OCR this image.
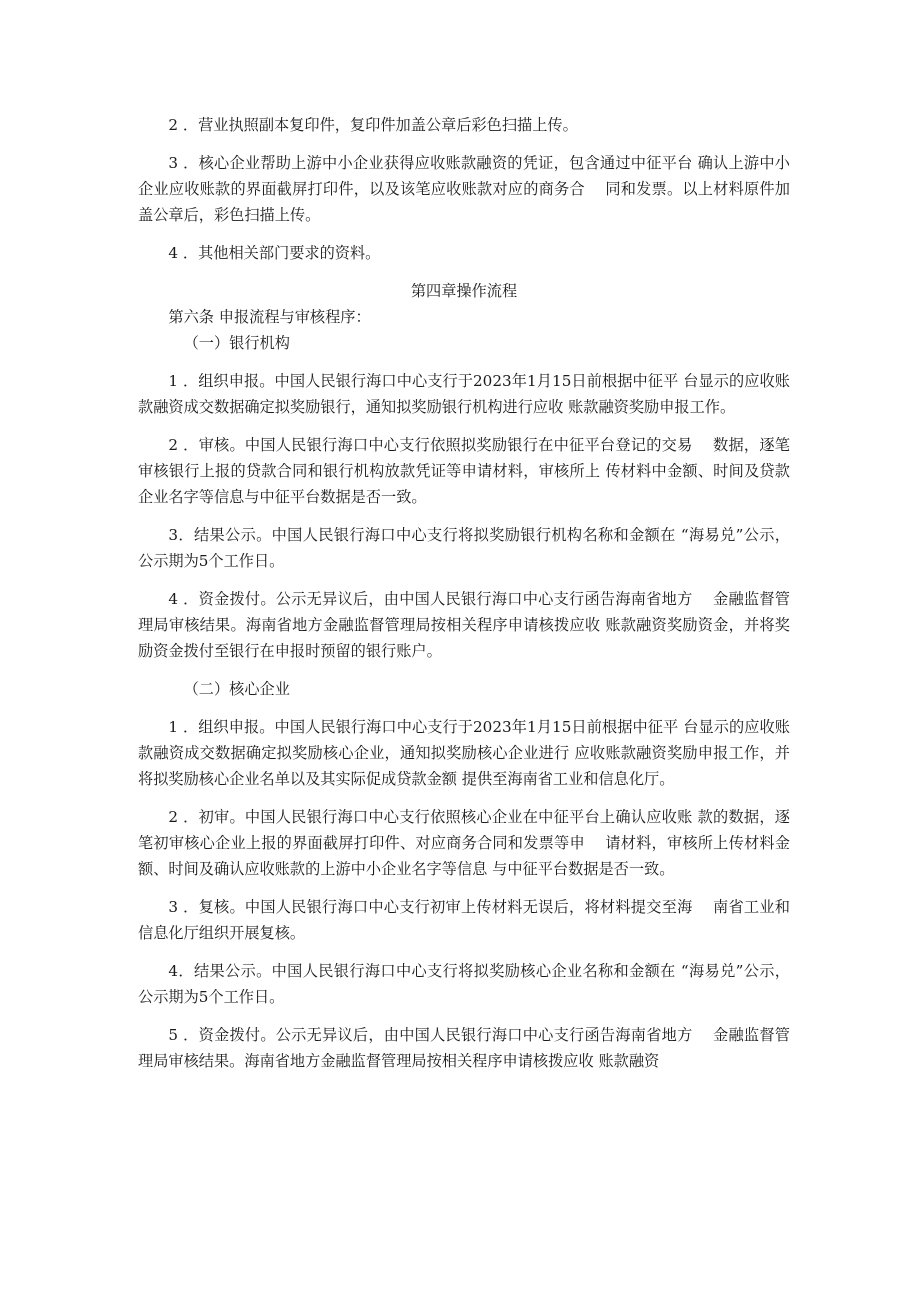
2 ．营业执照副本复印件，复印件加盖公章后彩色扫描上传。

3 ．核心企业帮助上游中小企业获得应收账款融资的凭证，包含通过中征平台 确认上游中小企业应收账款的界面截屏打印件，以及该笔应收账款对应的商务合　 同和发票。以上材料原件加盖公章后，彩色扫描上传。

4 ．其他相关部门要求的资料。

第四章操作流程
第六条 申报流程与审核程序：
（一）银行机构

1 ．组织申报。中国人民银行海口中心支行于2023年1月15日前根据中征平 台显示的应收账款融资成交数据确定拟奖励银行，通知拟奖励银行机构进行应收 账款融资奖励申报工作。

2 ．审核。中国人民银行海口中心支行依照拟奖励银行在中征平台登记的交易　 数据，逐笔审核银行上报的贷款合同和银行机构放款凭证等申请材料，审核所上 传材料中金额、时间及贷款企业名字等信息与中征平台数据是否一致。

3．结果公示。中国人民银行海口中心支行将拟奖励银行机构名称和金额在 “海易兑”公示，公示期为5个工作日。

4 ．资金拨付。公示无异议后，由中国人民银行海口中心支行函告海南省地方　 金融监督管理局审核结果。海南省地方金融监督管理局按相关程序申请核拨应收 账款融资奖励资金，并将奖励资金拨付至银行在申报时预留的银行账户。

（二）核心企业

1 ．组织申报。中国人民银行海口中心支行于2023年1月15日前根据中征平 台显示的应收账款融资成交数据确定拟奖励核心企业，通知拟奖励核心企业进行 应收账款融资奖励申报工作，并将拟奖励核心企业名单以及其实际促成贷款金额 提供至海南省工业和信息化厅。

2 ．初审。中国人民银行海口中心支行依照核心企业在中征平台上确认应收账 款的数据，逐笔初审核心企业上报的界面截屏打印件、对应商务合同和发票等申　 请材料，审核所上传材料金额、时间及确认应收账款的上游中小企业名字等信息 与中征平台数据是否一致。

3 ．复核。中国人民银行海口中心支行初审上传材料无误后，将材料提交至海　 南省工业和信息化厅组织开展复核。

4．结果公示。中国人民银行海口中心支行将拟奖励核心企业名称和金额在 “海易兑”公示，公示期为5个工作日。

5 ．资金拨付。公示无异议后，由中国人民银行海口中心支行函告海南省地方　 金融监督管理局审核结果。海南省地方金融监督管理局按相关程序申请核拨应收 账款融资
